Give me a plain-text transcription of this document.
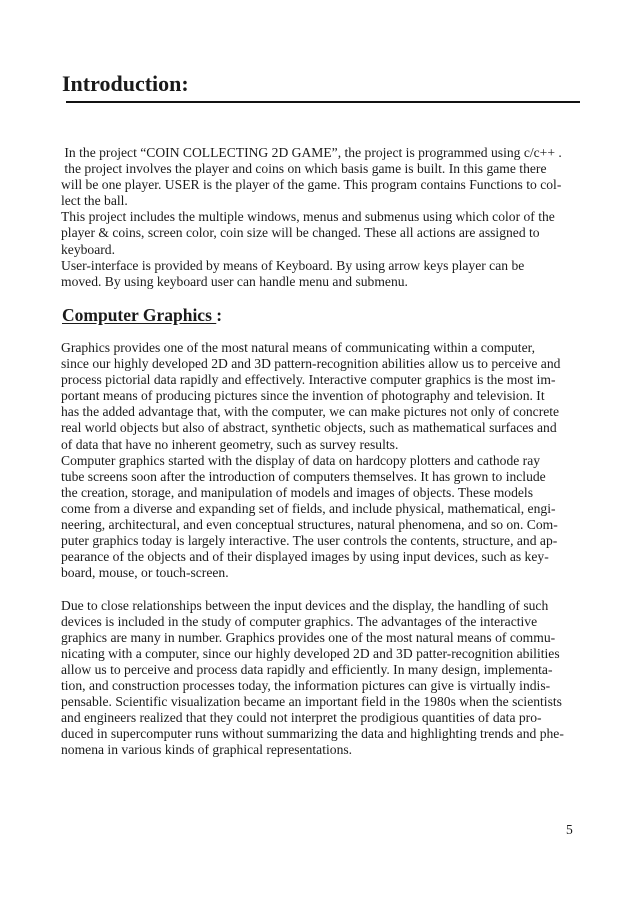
Introduction:
In the project “COIN COLLECTING 2D GAME”, the project is programmed using c/c++ .
the project involves the player and coins on which basis game is built. In this game there
will be one player. USER is the player of the game. This program contains Functions to col-
lect the ball.
This project includes the multiple windows, menus and submenus using which color of the
player & coins, screen color, coin size will be changed. These all actions are assigned to
keyboard.
User-interface is provided by means of Keyboard. By using arrow keys player can be
moved. By using keyboard user can handle menu and submenu.
Computer Graphics :
Graphics provides one of the most natural means of communicating within a computer,
since our highly developed 2D and 3D pattern-recognition abilities allow us to perceive and
process pictorial data rapidly and effectively. Interactive computer graphics is the most im-
portant means of producing pictures since the invention of photography and television. It
has the added advantage that, with the computer, we can make pictures not only of concrete
real world objects but also of abstract, synthetic objects, such as mathematical surfaces and
of data that have no inherent geometry, such as survey results.
Computer graphics started with the display of data on hardcopy plotters and cathode ray
tube screens soon after the introduction of computers themselves. It has grown to include
the creation, storage, and manipulation of models and images of objects. These models
come from a diverse and expanding set of fields, and include physical, mathematical, engi-
neering, architectural, and even conceptual structures, natural phenomena, and so on. Com-
puter graphics today is largely interactive. The user controls the contents, structure, and ap-
pearance of the objects and of their displayed images by using input devices, such as key-
board, mouse, or touch-screen.
Due to close relationships between the input devices and the display, the handling of such
devices is included in the study of computer graphics. The advantages of the interactive
graphics are many in number. Graphics provides one of the most natural means of commu-
nicating with a computer, since our highly developed 2D and 3D patter-recognition abilities
allow us to perceive and process data rapidly and efficiently. In many design, implementa-
tion, and construction processes today, the information pictures can give is virtually indis-
pensable. Scientific visualization became an important field in the 1980s when the scientists
and engineers realized that they could not interpret the prodigious quantities of data pro-
duced in supercomputer runs without summarizing the data and highlighting trends and phe-
nomena in various kinds of graphical representations.
5
